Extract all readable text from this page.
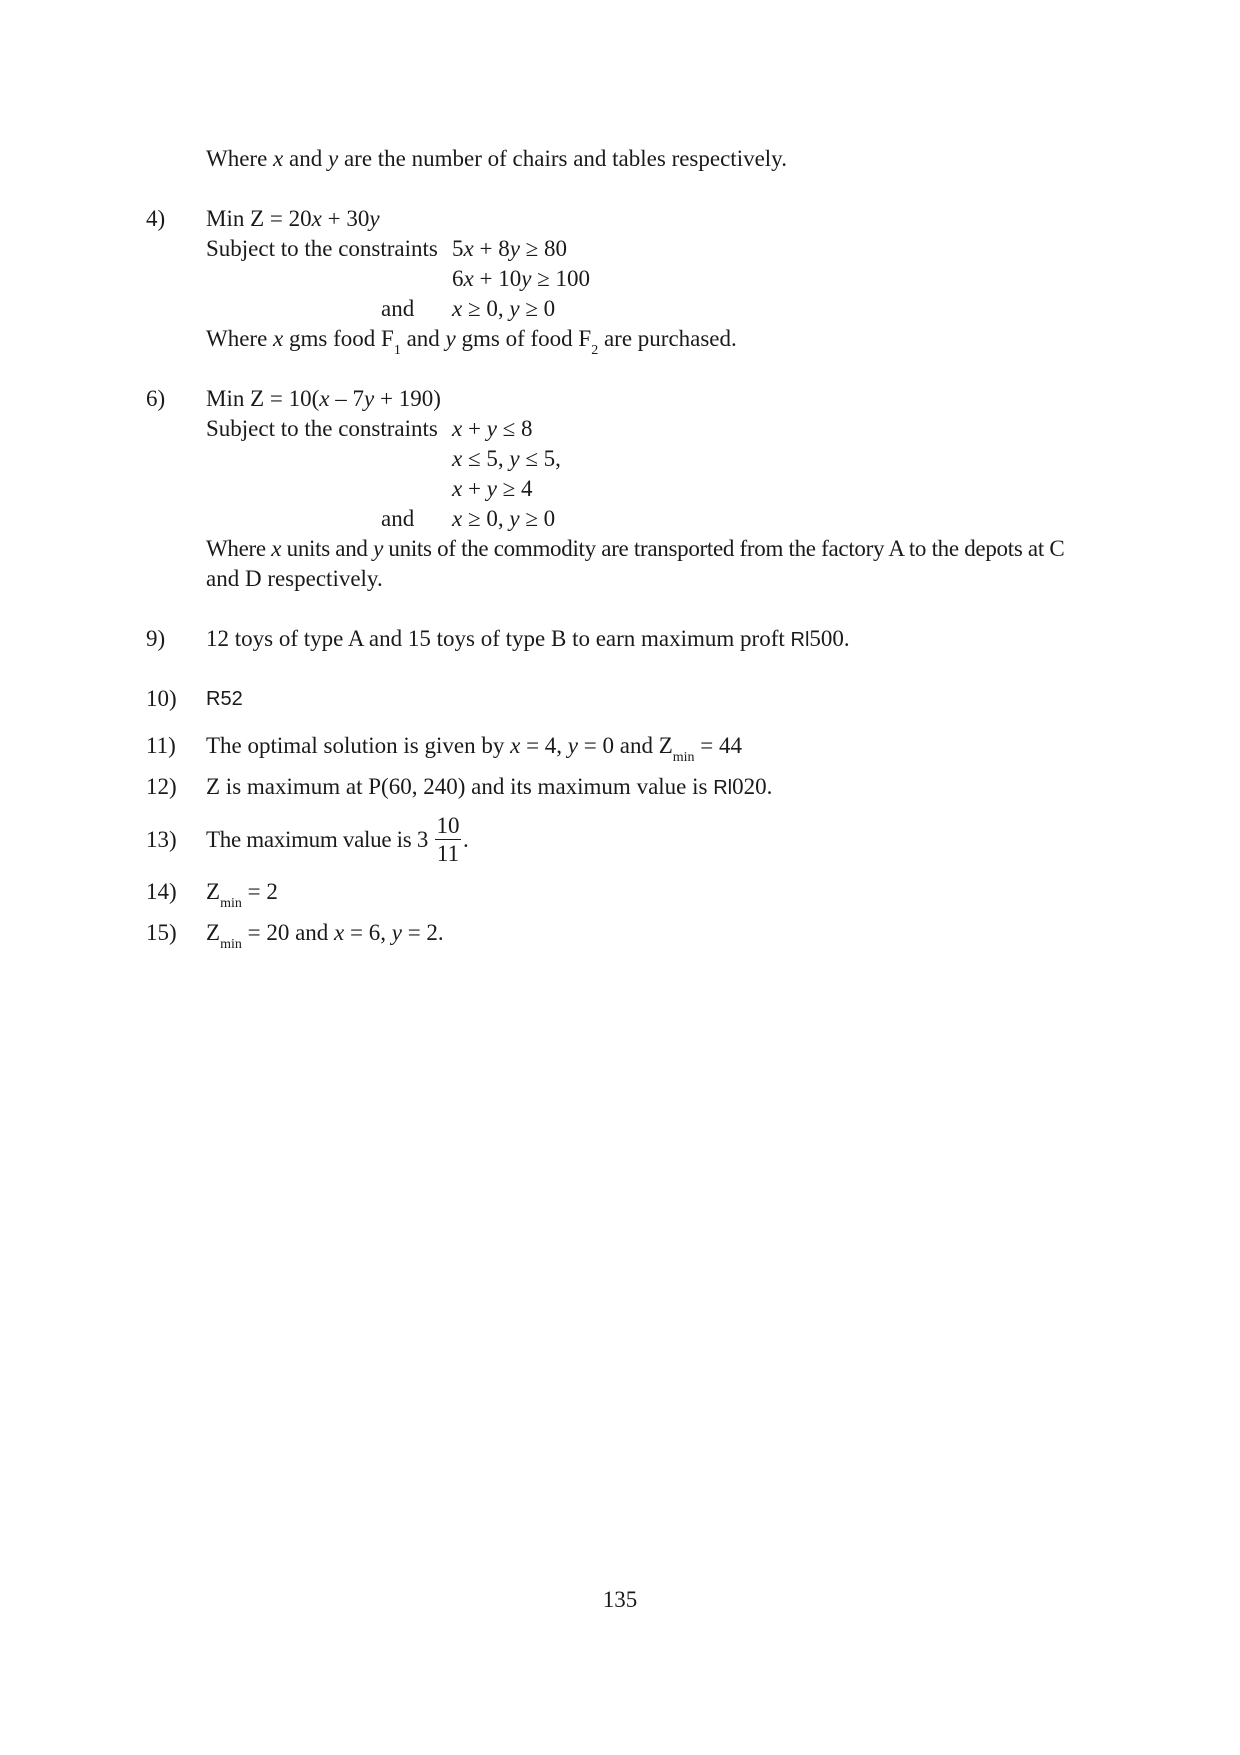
Where x and y are the number of chairs and tables respectively.
4) Min Z = 20x + 30y
Subject to the constraints 5x + 8y ≥ 80
6x + 10y ≥ 100
and x ≥ 0, y ≥ 0
Where x gms food $F_1$ and y gms of food $F_2$ are purchased.
6) Min Z = 10(x – 7y + 190)
Subject to the constraints x + y ≤ 8
x ≤ 5, y ≤ 5,
x + y ≥ 4
and x ≥ 0, y ≥ 0
Where x units and y units of the commodity are transported from the factory A to the depots at C
and D respectively.
9) 12 toys of type A and 15 toys of type B to earn maximum proft Rl500.
10) R52
11) The optimal solution is given by x = 4, y = 0 and $Z_{min} = 44$
12) Z is maximum at P(60, 240) and its maximum value is Rl020.
13) The maximum value is 3
10
11
.
14) $Z_{min} = 2$
15) $Z_{min} = 20$ and x = 6, y = 2.
135
